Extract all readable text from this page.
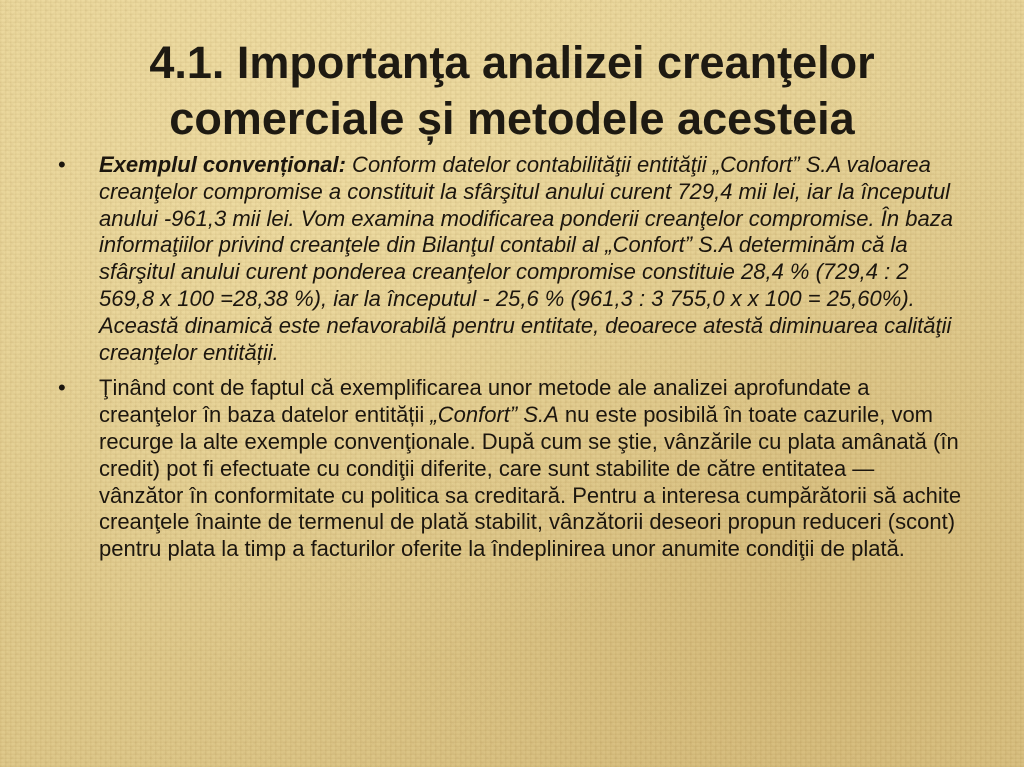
4.1. Importanţa analizei creanţelor
comerciale și metodele acesteia
• Exemplul convențional: Conform datelor contabilităţii entităţii „Confort” S.A valoarea creanţelor compromise a constituit la sfârşitul anului curent 729,4 mii lei, iar la începutul anului -961,3 mii lei. Vom examina modificarea ponderii creanţelor compromise. În baza informaţiilor privind creanţele din Bilanţul contabil al „Confort” S.A determinăm că la sfârşitul anului curent ponderea creanţelor compromise constituie 28,4 % (729,4 : 2 569,8 x 100 =28,38 %), iar la începutul - 25,6 % (961,3 : 3 755,0 x x 100 = 25,60%). Această dinamică este nefavorabilă pentru entitate, deoarece atestă diminuarea calităţii creanţelor entității.
• Ţinând cont de faptul că exemplificarea unor metode ale analizei aprofundate a creanţelor în baza datelor entității „Confort” S.A nu este posibilă în toate cazurile, vom recurge la alte exemple convenţionale. După cum se ştie, vânzările cu plata amânată (în credit) pot fi efectuate cu condiţii diferite, care sunt stabilite de către entitatea — vânzător în conformitate cu politica sa creditară. Pentru a interesa cumpărătorii să achite creanţele înainte de termenul de plată stabilit, vânzătorii deseori propun reduceri (scont) pentru plata la timp a facturilor oferite la îndeplinirea unor anumite condiţii de plată.
